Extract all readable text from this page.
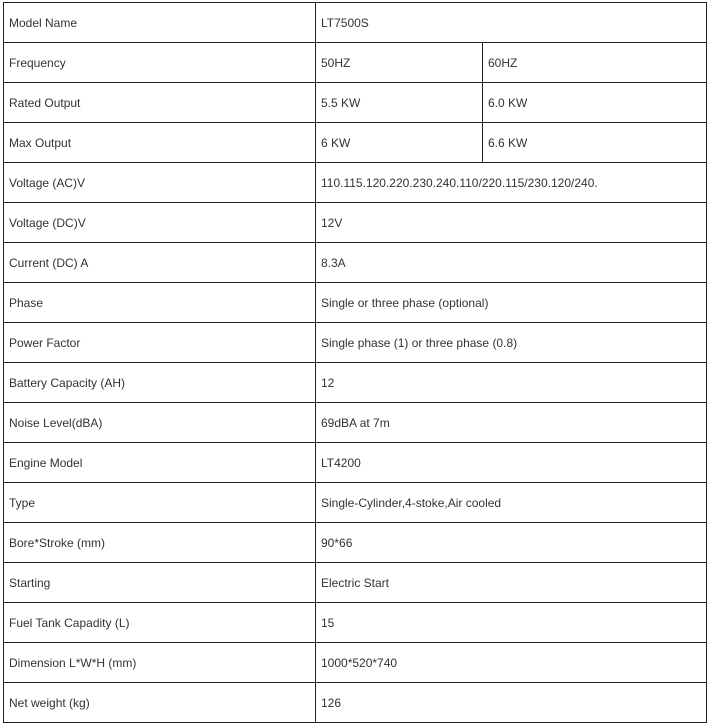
Model Name	LT7500S	
Frequency	50HZ	60HZ
Rated Output	5.5 KW	6.0 KW
Max Output	6 KW	6.6 KW
Voltage (AC)V	110.115.120.220.230.240.110/220.115/230.120/240.	
Voltage (DC)V	12V	
Current (DC) A	8.3A	
Phase	Single or three phase (optional)	
Power Factor	Single phase (1) or three phase (0.8)	
Battery Capacity (AH)	12	
Noise Level(dBA)	69dBA at 7m	
Engine Model	LT4200	
Type	Single-Cylinder,4-stoke,Air cooled	
Bore*Stroke (mm)	90*66	
Starting	Electric Start	
Fuel Tank Capadity (L)	15	
Dimension L*W*H (mm)	1000*520*740	
Net weight (kg)	126	
